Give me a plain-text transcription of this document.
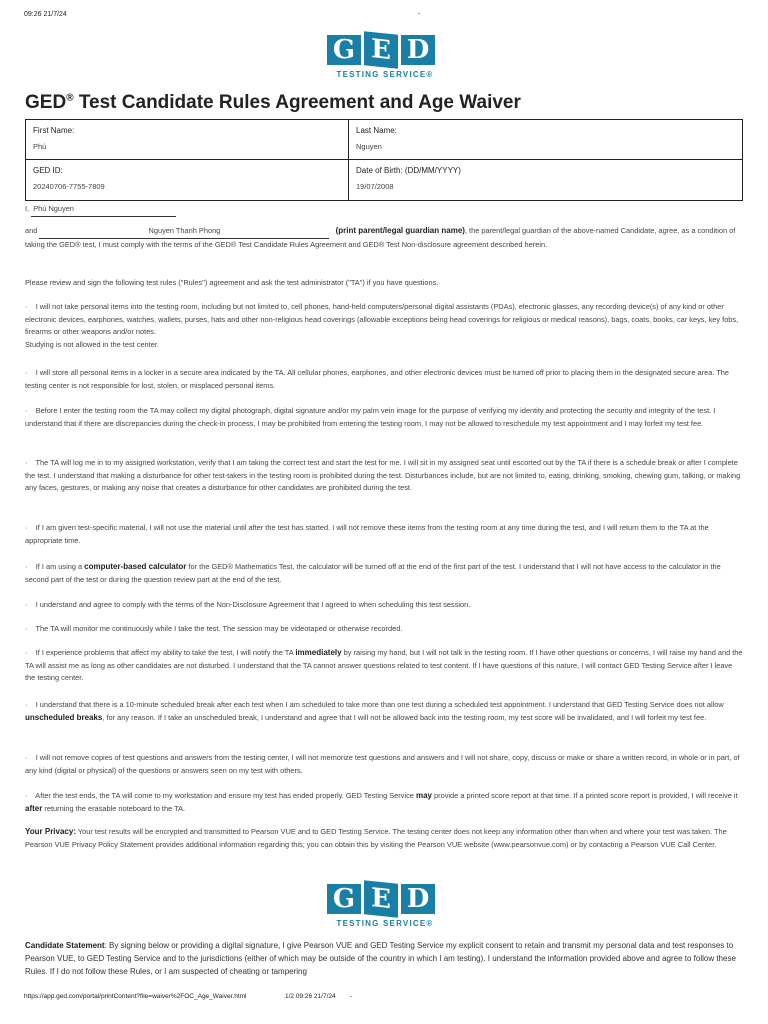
09:26 21/7/24	-
G E D
TESTING SERVICE®
GED® Test Candidate Rules Agreement and Age Waiver
First Name:
Phú
Last Name:
Nguyen
GED ID:
20240706-7755-7809
Date of Birth: (DD/MM/YYYY)
19/07/2008
I, Phú Nguyen
and	Nguyen Thanh Phong	(print parent/legal guardian name), the parent/legal guardian of the above-named Candidate, agree, as a condition of taking the GED® test, I must comply with the terms of the GED® Test Candidate Rules Agreement and GED® Test Non-disclosure agreement described herein.

Please review and sign the following test rules ("Rules") agreement and ask the test administrator ("TA") if you have questions.

·    I will not take personal items into the testing room, including but not limited to, cell phones, hand-held computers/personal digital assistants (PDAs), electronic glasses, any recording device(s) of any kind or other electronic devices, earphones, watches, wallets, purses, hats and other non-religious head coverings (allowable exceptions being head coverings for religious or medical reasons), bags, coats, books, car keys, key fobs, firearms or other weapons and/or notes.
Studying is not allowed in the test center.

·    I will store all personal items in a locker in a secure area indicated by the TA. All cellular phones, earphones, and other electronic devices must be turned off prior to placing them in the designated secure area. The testing center is not responsible for lost, stolen, or misplaced personal items.

·    Before I enter the testing room the TA may collect my digital photograph, digital signature and/or my palm vein image for the purpose of verifying my identity and protecting the security and integrity of the test. I understand that if there are discrepancies during the check-in process, I may be prohibited from entering the testing room, I may not be allowed to reschedule my test appointment and I may forfeit my test fee.

·    The TA will log me in to my assigned workstation, verify that I am taking the correct test and start the test for me. I will sit in my assigned seat until escorted out by the TA if there is a schedule break or after I complete the test. I understand that making a disturbance for other test-takers in the testing room is prohibited during the test. Disturbances include, but are not limited to, eating, drinking, smoking, chewing gum, talking, or making any faces, gestures, or making any noise that creates a disturbance for other candidates are prohibited during the test.

·    If I am given test-specific material, I will not use the material until after the test has started. I will not remove these items from the testing room at any time during the test, and I will return them to the TA at the appropriate time.

·    If I am using a computer-based calculator for the GED® Mathematics Test, the calculator will be turned off at the end of the first part of the test. I understand that I will not have access to the calculator in the second part of the test or during the question review part at the end of the test.

·    I understand and agree to comply with the terms of the Non-Disclosure Agreement that I agreed to when scheduling this test session.

·    The TA will monitor me continuously while I take the test. The session may be videotaped or otherwise recorded.

·    If I experience problems that affect my ability to take the test, I will notify the TA immediately by raising my hand, but I will not talk in the testing room. If I have other questions or concerns, I will raise my hand and the TA will assist me as long as other candidates are not disturbed. I understand that the TA cannot answer questions related to test content. If I have questions of this nature, I will contact GED Testing Service after I leave the testing center.

·    I understand that there is a 10-minute scheduled break after each test when I am scheduled to take more than one test during a scheduled test appointment. I understand that GED Testing Service does not allow unscheduled breaks, for any reason. If I take an unscheduled break, I understand and agree that I will not be allowed back into the testing room, my test score will be invalidated, and I will forfeit my test fee.

·    I will not remove copies of test questions and answers from the testing center, I will not memorize test questions and answers and I will not share, copy, discuss or make or share a written record, in whole or in part, of any kind (digital or physical) of the questions or answers seen on my test with others.

·    After the test ends, the TA will come to my workstation and ensure my test has ended properly. GED Testing Service may provide a printed score report at that time. If a printed score report is provided, I will receive it after returning the erasable noteboard to the TA.

Your Privacy: Your test results will be encrypted and transmitted to Pearson VUE and to GED Testing Service. The testing center does not keep any information other than when and where your test was taken. The Pearson VUE Privacy Policy Statement provides additional information regarding this; you can obtain this by visiting the Pearson VUE website (www.pearsonvue.com) or by contacting a Pearson VUE Call Center.

G E D
TESTING SERVICE®

Candidate Statement: By signing below or providing a digital signature, I give Pearson VUE and GED Testing Service my explicit consent to retain and transmit my personal data and test responses to Pearson VUE, to GED Testing Service and to the jurisdictions (either of which may be outside of the country in which I am testing). I understand the information provided above and agree to follow these Rules. If I do not follow these Rules, or I am suspected of cheating or tampering

https://app.ged.com/portal/printContent?file=waiver%2FOC_Age_Waiver.html	1/2 09:26 21/7/24 -
